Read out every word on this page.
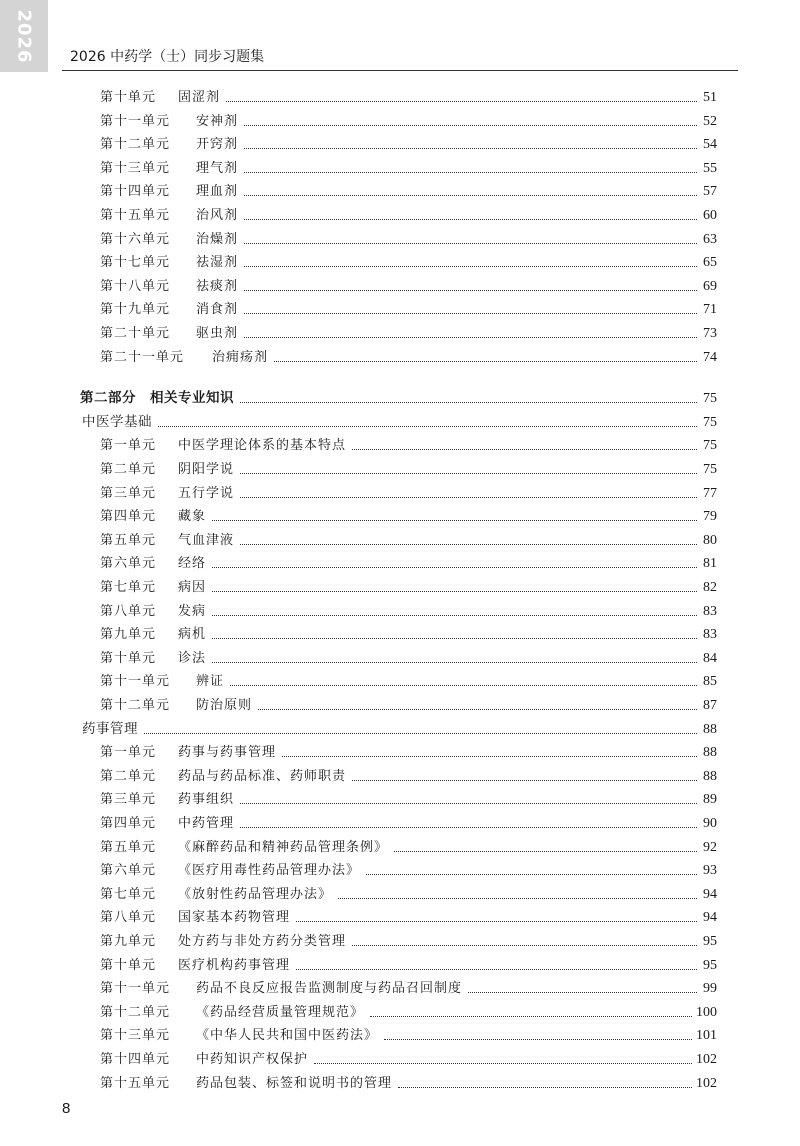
2026	2026 中药学（士）同步习题集
第十单元 固涩剂	51
第十一单元 安神剂	52
第十二单元 开窍剂	54
第十三单元 理气剂	55
第十四单元 理血剂	57
第十五单元 治风剂	60
第十六单元 治燥剂	63
第十七单元 祛湿剂	65
第十八单元 祛痰剂	69
第十九单元 消食剂	71
第二十单元 驱虫剂	73
第二十一单元 治痈疡剂	74
第二部分　相关专业知识	75
中医学基础	75
第一单元 中医学理论体系的基本特点	75
第二单元 阴阳学说	75
第三单元 五行学说	77
第四单元 藏象	79
第五单元 气血津液	80
第六单元 经络	81
第七单元 病因	82
第八单元 发病	83
第九单元 病机	83
第十单元 诊法	84
第十一单元 辨证	85
第十二单元 防治原则	87
药事管理	88
第一单元 药事与药事管理	88
第二单元 药品与药品标准、药师职责	88
第三单元 药事组织	89
第四单元 中药管理	90
第五单元 《麻醉药品和精神药品管理条例》	92
第六单元 《医疗用毒性药品管理办法》	93
第七单元 《放射性药品管理办法》	94
第八单元 国家基本药物管理	94
第九单元 处方药与非处方药分类管理	95
第十单元 医疗机构药事管理	95
第十一单元 药品不良反应报告监测制度与药品召回制度	99
第十二单元 《药品经营质量管理规范》	100
第十三单元 《中华人民共和国中医药法》	101
第十四单元 中药知识产权保护	102
第十五单元 药品包装、标签和说明书的管理	102
8
